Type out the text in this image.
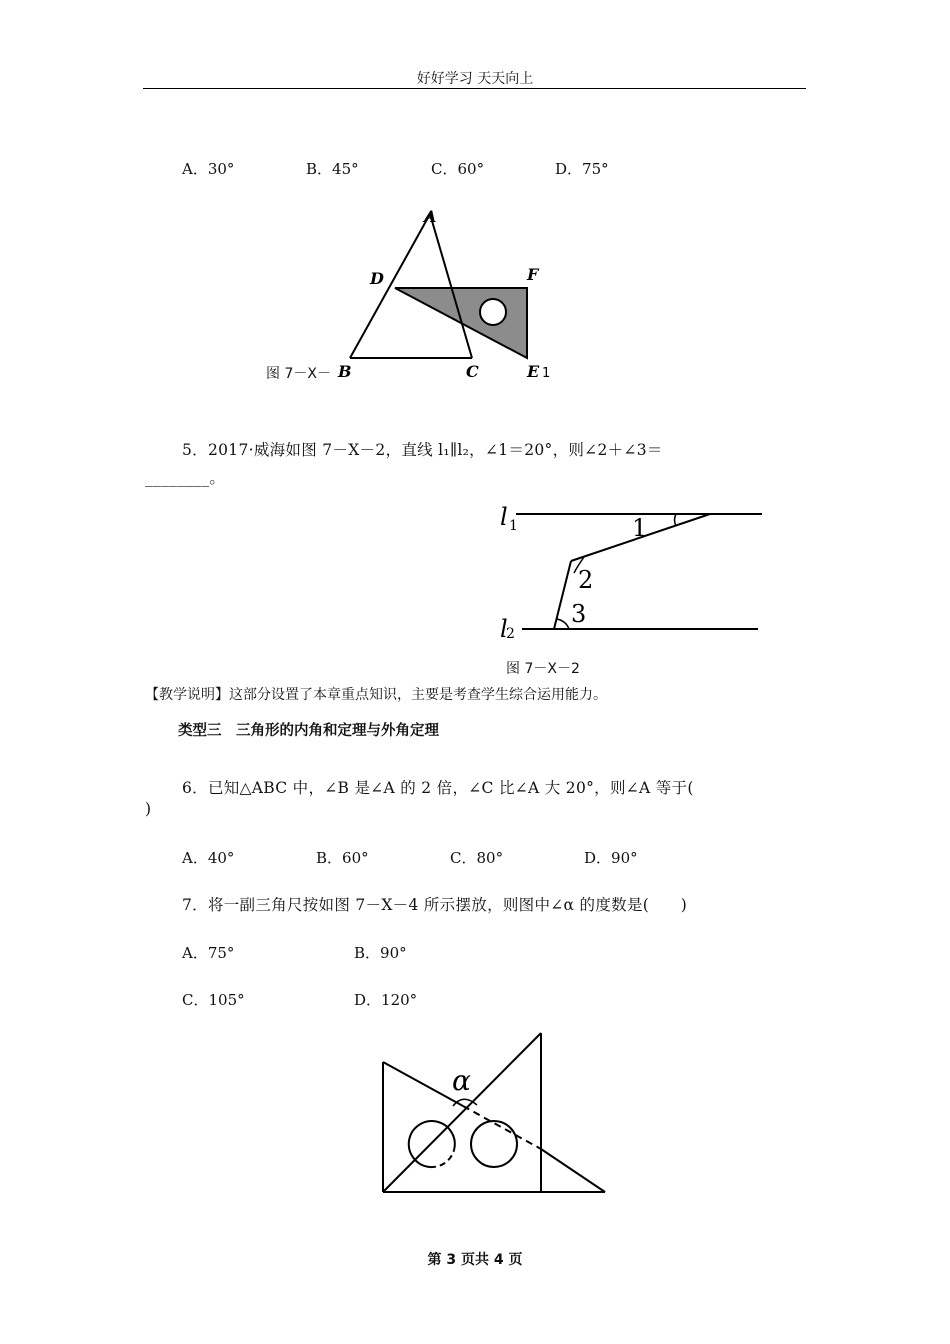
好好学习 天天向上
A．30°	B．45°	C．60°	D．75°
A
D	F
B	C	E 1
图 7－X－
5．2017·威海如图 7－X－2，直线 l₁∥l₂，∠1＝20°，则∠2＋∠3＝
________。
l 1
l
2
1
2
3
图 7－X－2
【教学说明】这部分设置了本章重点知识，主要是考查学生综合运用能力。
类型三　三角形的内角和定理与外角定理
6．已知△ABC 中，∠B 是∠A 的 2 倍，∠C 比∠A 大 20°，则∠A 等于(
)
A．40°	B．60°	C．80°	D．90°
7．将一副三角尺按如图 7－X－4 所示摆放，则图中∠α 的度数是(　　)
A．75°	B．90°
C．105°	D．120°
α
第 3 页共 4 页
